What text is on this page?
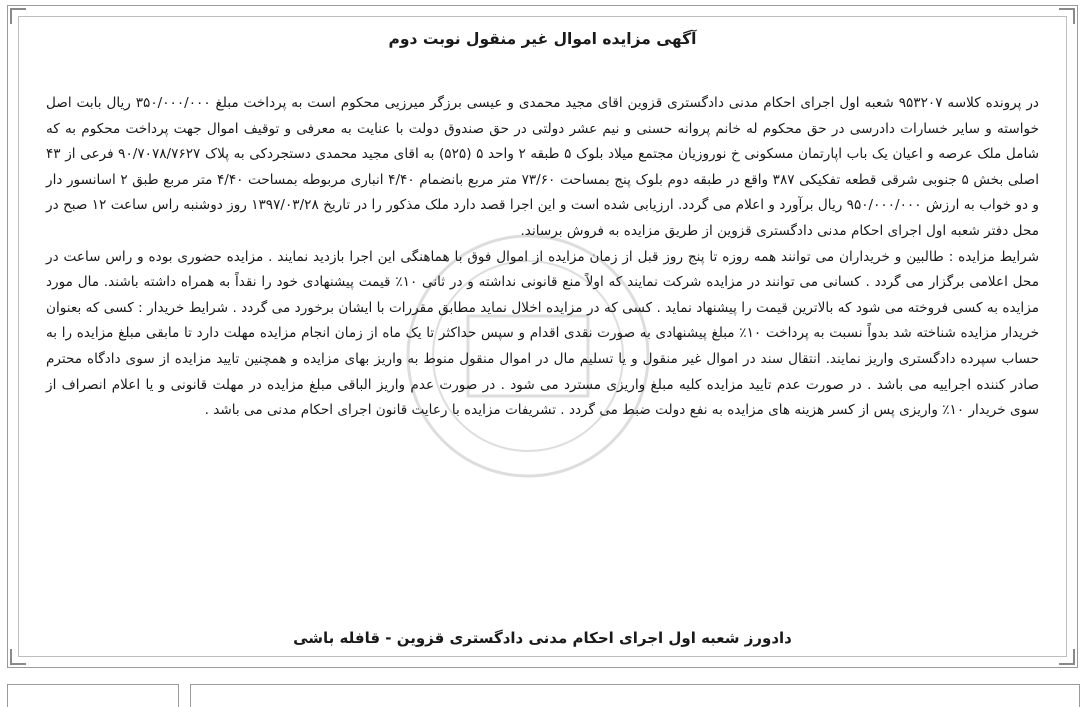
آگهی مزایده اموال غیر منقول نوبت دوم

در پرونده کلاسه ۹۵۳۲۰۷ شعبه اول اجرای احکام مدنی دادگستری قزوین اقای مجید محمدی و عیسی برزگر میرزیی محکوم است به پرداخت مبلغ ۳۵۰/۰۰۰/۰۰۰ ریال بابت اصل خواسته و سایر خسارات دادرسی در حق محکوم له خانم پروانه حسنی و نیم عشر دولتی در حق صندوق دولت با عنایت به معرفی و توقیف اموال جهت پرداخت محکوم به که شامل ملک عرصه و اعیان یک باب اپارتمان مسکونی خ نوروزیان مجتمع میلاد بلوک ۵ طبقه ۲ واحد ۵ (۵۲۵) به اقای مجید محمدی دستجردکی به پلاک ۹۰/۷۰۷۸/۷۶۲۷ فرعی از ۴۳ اصلی بخش ۵ جنوبی شرقی قطعه تفکیکی ۳۸۷ واقع در طبقه دوم بلوک پنج بمساحت ۷۳/۶۰ متر مربع بانضمام ۴/۴۰ انباری مربوطه بمساحت ۴/۴۰ متر مربع طبق ۲ اسانسور دار و دو خواب به ارزش ۹۵۰/۰۰۰/۰۰۰ ریال برآورد و اعلام می گردد. ارزیابی شده است و این اجرا قصد دارد ملک مذکور را در تاریخ ۱۳۹۷/۰۳/۲۸ روز دوشنبه راس ساعت ۱۲ صبح در محل دفتر شعبه اول اجرای احکام مدنی دادگستری قزوین از طریق مزایده به فروش برساند.

شرایط مزایده : طالبین و خریداران می توانند همه روزه تا پنج روز قبل از زمان مزایده از اموال فوق با هماهنگی این اجرا بازدید نمایند . مزایده حضوری بوده و راس ساعت در محل اعلامی برگزار می گردد . کسانی می توانند در مزایده شرکت نمایند که اولاً منع قانونی نداشته و در ثانی ۱۰٪ قیمت پیشنهادی خود را نقداً به همراه داشته باشند. مال مورد مزایده به کسی فروخته می شود که بالاترین قیمت را پیشنهاد نماید . کسی که در مزایده اخلال نماید مطابق مقررات با ایشان برخورد می گردد . شرایط خریدار : کسی که بعنوان خریدار مزایده شناخته شد بدواً نسبت به پرداخت ۱۰٪ مبلغ پیشنهادی به صورت نقدی اقدام و سپس حداکثر تا یک ماه از زمان انجام مزایده مهلت دارد تا مابقی مبلغ مزایده را به حساب سپرده دادگستری واریز نمایند. انتقال سند در اموال غیر منقول و یا تسلیم مال در اموال منقول منوط به واریز بهای مزایده و همچنین تایید مزایده از سوی دادگاه محترم صادر کننده اجراییه می باشد . در صورت عدم تایید مزایده کلیه مبلغ واریزی مسترد می شود . در صورت عدم واریز الباقی مبلغ مزایده در مهلت قانونی و یا اعلام انصراف از سوی خریدار ۱۰٪ واریزی پس از کسر هزینه های مزایده به نفع دولت ضبط می گردد . تشریفات مزایده با رعایت قانون اجرای احکام مدنی می باشد .

دادورز شعبه اول اجرای احکام مدنی دادگستری قزوین - قافله باشی
